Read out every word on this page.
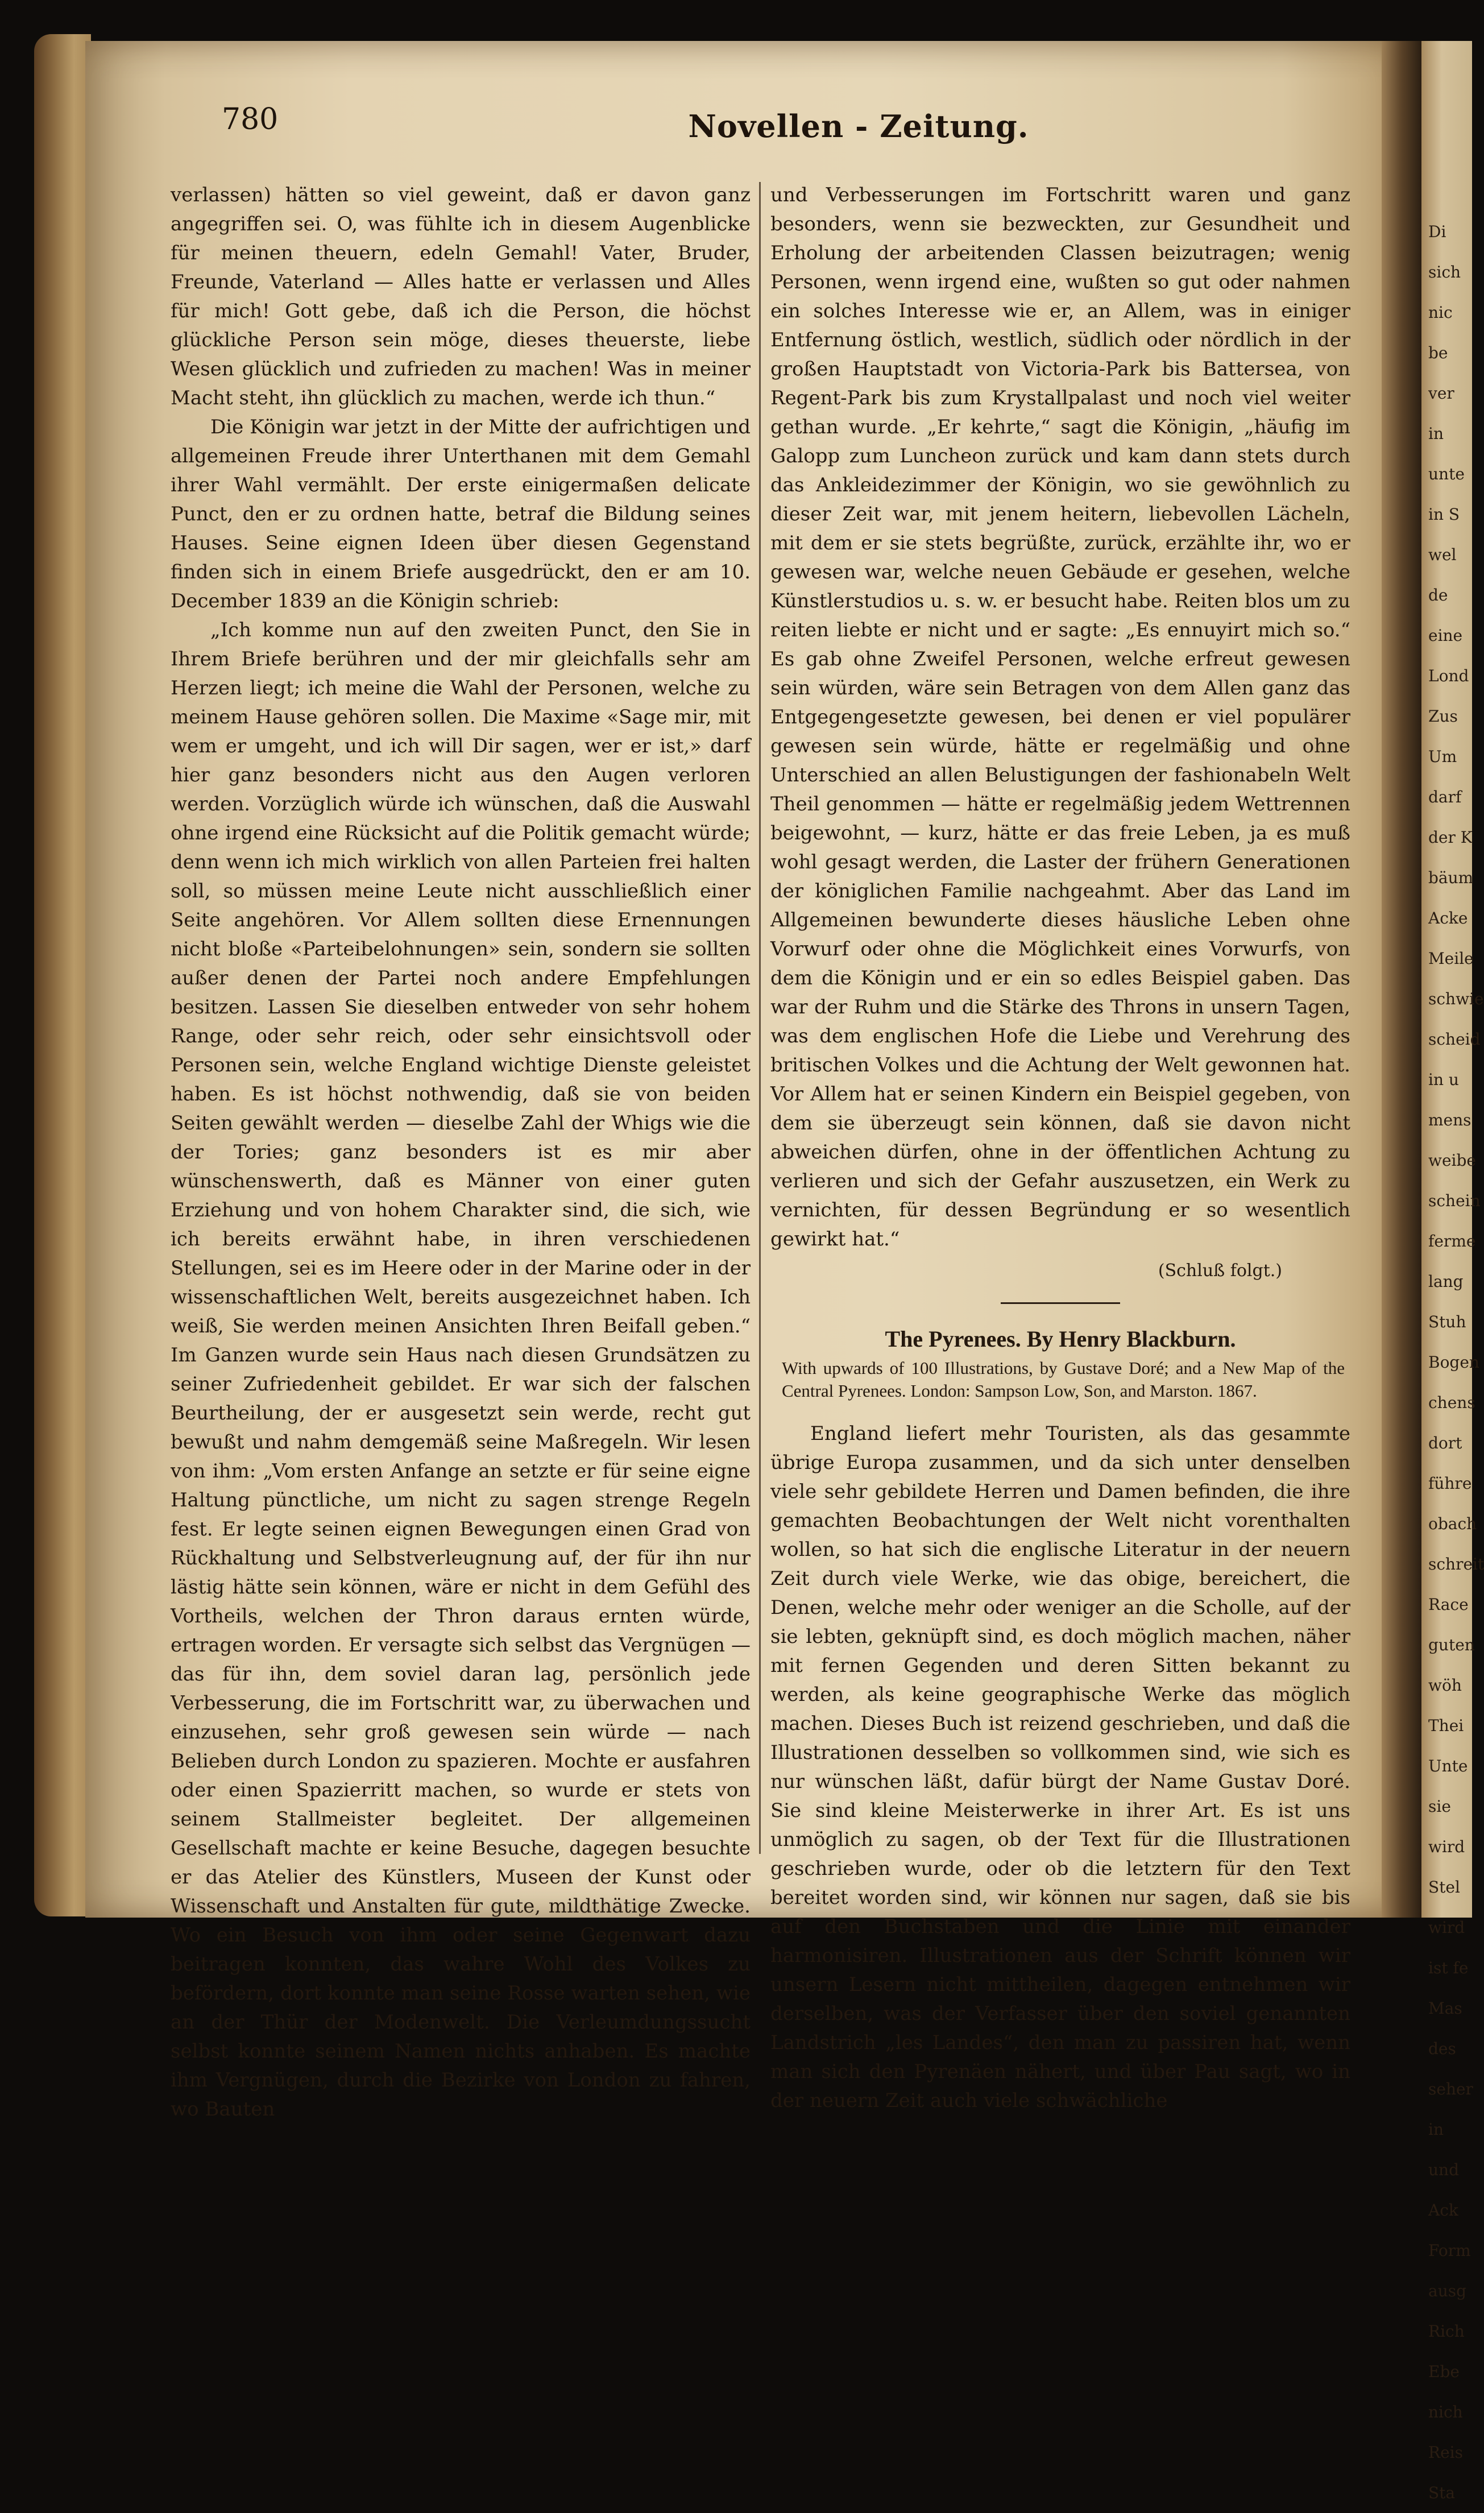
Di
sich
nic
be
ver
in
unte
in S
wel
de
eine
Lond
Zus
Um
darf
der K
bäum
Acke
Meile
schwie
scheid
in u
mens
weibe
schein
ferme
lang
Stuh
Bogen
chens
dort
führe
obach
schreit
Race
guten
wöh
Thei
Unte
sie
wird
Stel
wird
ist fe
Mas
des
seher
in
und
Ack
Form
ausg
Rich
Ebe
nich
Reis
Sta
780	Novellen - Zeitung.

verlassen) hätten so viel geweint, daß er davon ganz angegriffen sei. O, was fühlte ich in diesem Augenblicke für meinen theuern, edeln Gemahl! Vater, Bruder, Freunde, Vaterland — Alles hatte er verlassen und Alles für mich! Gott gebe, daß ich die Person, die höchst glückliche Person sein möge, dieses theuerste, liebe Wesen glücklich und zufrieden zu machen! Was in meiner Macht steht, ihn glücklich zu machen, werde ich thun.“

Die Königin war jetzt in der Mitte der aufrichtigen und allgemeinen Freude ihrer Unterthanen mit dem Gemahl ihrer Wahl vermählt. Der erste einigermaßen delicate Punct, den er zu ordnen hatte, betraf die Bildung seines Hauses. Seine eignen Ideen über diesen Gegenstand finden sich in einem Briefe ausgedrückt, den er am 10. December 1839 an die Königin schrieb:

„Ich komme nun auf den zweiten Punct, den Sie in Ihrem Briefe berühren und der mir gleichfalls sehr am Herzen liegt; ich meine die Wahl der Personen, welche zu meinem Hause gehören sollen. Die Maxime «Sage mir, mit wem er umgeht, und ich will Dir sagen, wer er ist,» darf hier ganz besonders nicht aus den Augen verloren werden. Vorzüglich würde ich wünschen, daß die Auswahl ohne irgend eine Rücksicht auf die Politik gemacht würde; denn wenn ich mich wirklich von allen Parteien frei halten soll, so müssen meine Leute nicht ausschließlich einer Seite angehören. Vor Allem sollten diese Ernennungen nicht bloße «Parteibelohnungen» sein, sondern sie sollten außer denen der Partei noch andere Empfehlungen besitzen. Lassen Sie dieselben entweder von sehr hohem Range, oder sehr reich, oder sehr einsichtsvoll oder Personen sein, welche England wichtige Dienste geleistet haben. Es ist höchst nothwendig, daß sie von beiden Seiten gewählt werden — dieselbe Zahl der Whigs wie die der Tories; ganz besonders ist es mir aber wünschenswerth, daß es Männer von einer guten Erziehung und von hohem Charakter sind, die sich, wie ich bereits erwähnt habe, in ihren verschiedenen Stellungen, sei es im Heere oder in der Marine oder in der wissenschaftlichen Welt, bereits ausgezeichnet haben. Ich weiß, Sie werden meinen Ansichten Ihren Beifall geben.“ Im Ganzen wurde sein Haus nach diesen Grundsätzen zu seiner Zufriedenheit gebildet. Er war sich der falschen Beurtheilung, der er ausgesetzt sein werde, recht gut bewußt und nahm demgemäß seine Maßregeln. Wir lesen von ihm: „Vom ersten Anfange an setzte er für seine eigne Haltung pünctliche, um nicht zu sagen strenge Regeln fest. Er legte seinen eignen Bewegungen einen Grad von Rückhaltung und Selbstverleugnung auf, der für ihn nur lästig hätte sein können, wäre er nicht in dem Gefühl des Vortheils, welchen der Thron daraus ernten würde, ertragen worden. Er versagte sich selbst das Vergnügen — das für ihn, dem soviel daran lag, persönlich jede Verbesserung, die im Fortschritt war, zu überwachen und einzusehen, sehr groß gewesen sein würde — nach Belieben durch London zu spazieren. Mochte er ausfahren oder einen Spazierritt machen, so wurde er stets von seinem Stallmeister begleitet. Der allgemeinen Gesellschaft machte er keine Besuche, dagegen besuchte er das Atelier des Künstlers, Museen der Kunst oder Wissenschaft und Anstalten für gute, mildthätige Zwecke. Wo ein Besuch von ihm oder seine Gegenwart dazu beitragen konnten, das wahre Wohl des Volkes zu befördern, dort konnte man seine Rosse warten sehen, wie an der Thür der Modenwelt. Die Verleumdungssucht selbst konnte seinem Namen nichts anhaben. Es machte ihm Vergnügen, durch die Bezirke von London zu fahren, wo Bauten

und Verbesserungen im Fortschritt waren und ganz besonders, wenn sie bezweckten, zur Gesundheit und Erholung der arbeitenden Classen beizutragen; wenig Personen, wenn irgend eine, wußten so gut oder nahmen ein solches Interesse wie er, an Allem, was in einiger Entfernung östlich, westlich, südlich oder nördlich in der großen Hauptstadt von Victoria-Park bis Battersea, von Regent-Park bis zum Krystallpalast und noch viel weiter gethan wurde. „Er kehrte,“ sagt die Königin, „häufig im Galopp zum Luncheon zurück und kam dann stets durch das Ankleidezimmer der Königin, wo sie gewöhnlich zu dieser Zeit war, mit jenem heitern, liebevollen Lächeln, mit dem er sie stets begrüßte, zurück, erzählte ihr, wo er gewesen war, welche neuen Gebäude er gesehen, welche Künstlerstudios u. s. w. er besucht habe. Reiten blos um zu reiten liebte er nicht und er sagte: „Es ennuyirt mich so.“ Es gab ohne Zweifel Personen, welche erfreut gewesen sein würden, wäre sein Betragen von dem Allen ganz das Entgegengesetzte gewesen, bei denen er viel populärer gewesen sein würde, hätte er regelmäßig und ohne Unterschied an allen Belustigungen der fashionabeln Welt Theil genommen — hätte er regelmäßig jedem Wettrennen beigewohnt, — kurz, hätte er das freie Leben, ja es muß wohl gesagt werden, die Laster der frühern Generationen der königlichen Familie nachgeahmt. Aber das Land im Allgemeinen bewunderte dieses häusliche Leben ohne Vorwurf oder ohne die Möglichkeit eines Vorwurfs, von dem die Königin und er ein so edles Beispiel gaben. Das war der Ruhm und die Stärke des Throns in unsern Tagen, was dem englischen Hofe die Liebe und Verehrung des britischen Volkes und die Achtung der Welt gewonnen hat. Vor Allem hat er seinen Kindern ein Beispiel gegeben, von dem sie überzeugt sein können, daß sie davon nicht abweichen dürfen, ohne in der öffentlichen Achtung zu verlieren und sich der Gefahr auszusetzen, ein Werk zu vernichten, für dessen Begründung er so wesentlich gewirkt hat.“

(Schluß folgt.)

The Pyrenees. By Henry Blackburn.

With upwards of 100 Illustrations, by Gustave Doré; and a New Map of the Central Pyrenees. London: Sampson Low, Son, and Marston. 1867.

England liefert mehr Touristen, als das gesammte übrige Europa zusammen, und da sich unter denselben viele sehr gebildete Herren und Damen befinden, die ihre gemachten Beobachtungen der Welt nicht vorenthalten wollen, so hat sich die englische Literatur in der neuern Zeit durch viele Werke, wie das obige, bereichert, die Denen, welche mehr oder weniger an die Scholle, auf der sie lebten, geknüpft sind, es doch möglich machen, näher mit fernen Gegenden und deren Sitten bekannt zu werden, als keine geographische Werke das möglich machen. Dieses Buch ist reizend geschrieben, und daß die Illustrationen desselben so vollkommen sind, wie sich es nur wünschen läßt, dafür bürgt der Name Gustav Doré. Sie sind kleine Meisterwerke in ihrer Art. Es ist uns unmöglich zu sagen, ob der Text für die Illustrationen geschrieben wurde, oder ob die letztern für den Text bereitet worden sind, wir können nur sagen, daß sie bis auf den Buchstaben und die Linie mit einander harmonisiren. Illustrationen aus der Schrift können wir unsern Lesern nicht mittheilen, dagegen entnehmen wir derselben, was der Verfasser über den soviel genannten Landstrich „les Landes“, den man zu passiren hat, wenn man sich den Pyrenäen nähert, und über Pau sagt, wo in der neuern Zeit auch viele schwächliche
